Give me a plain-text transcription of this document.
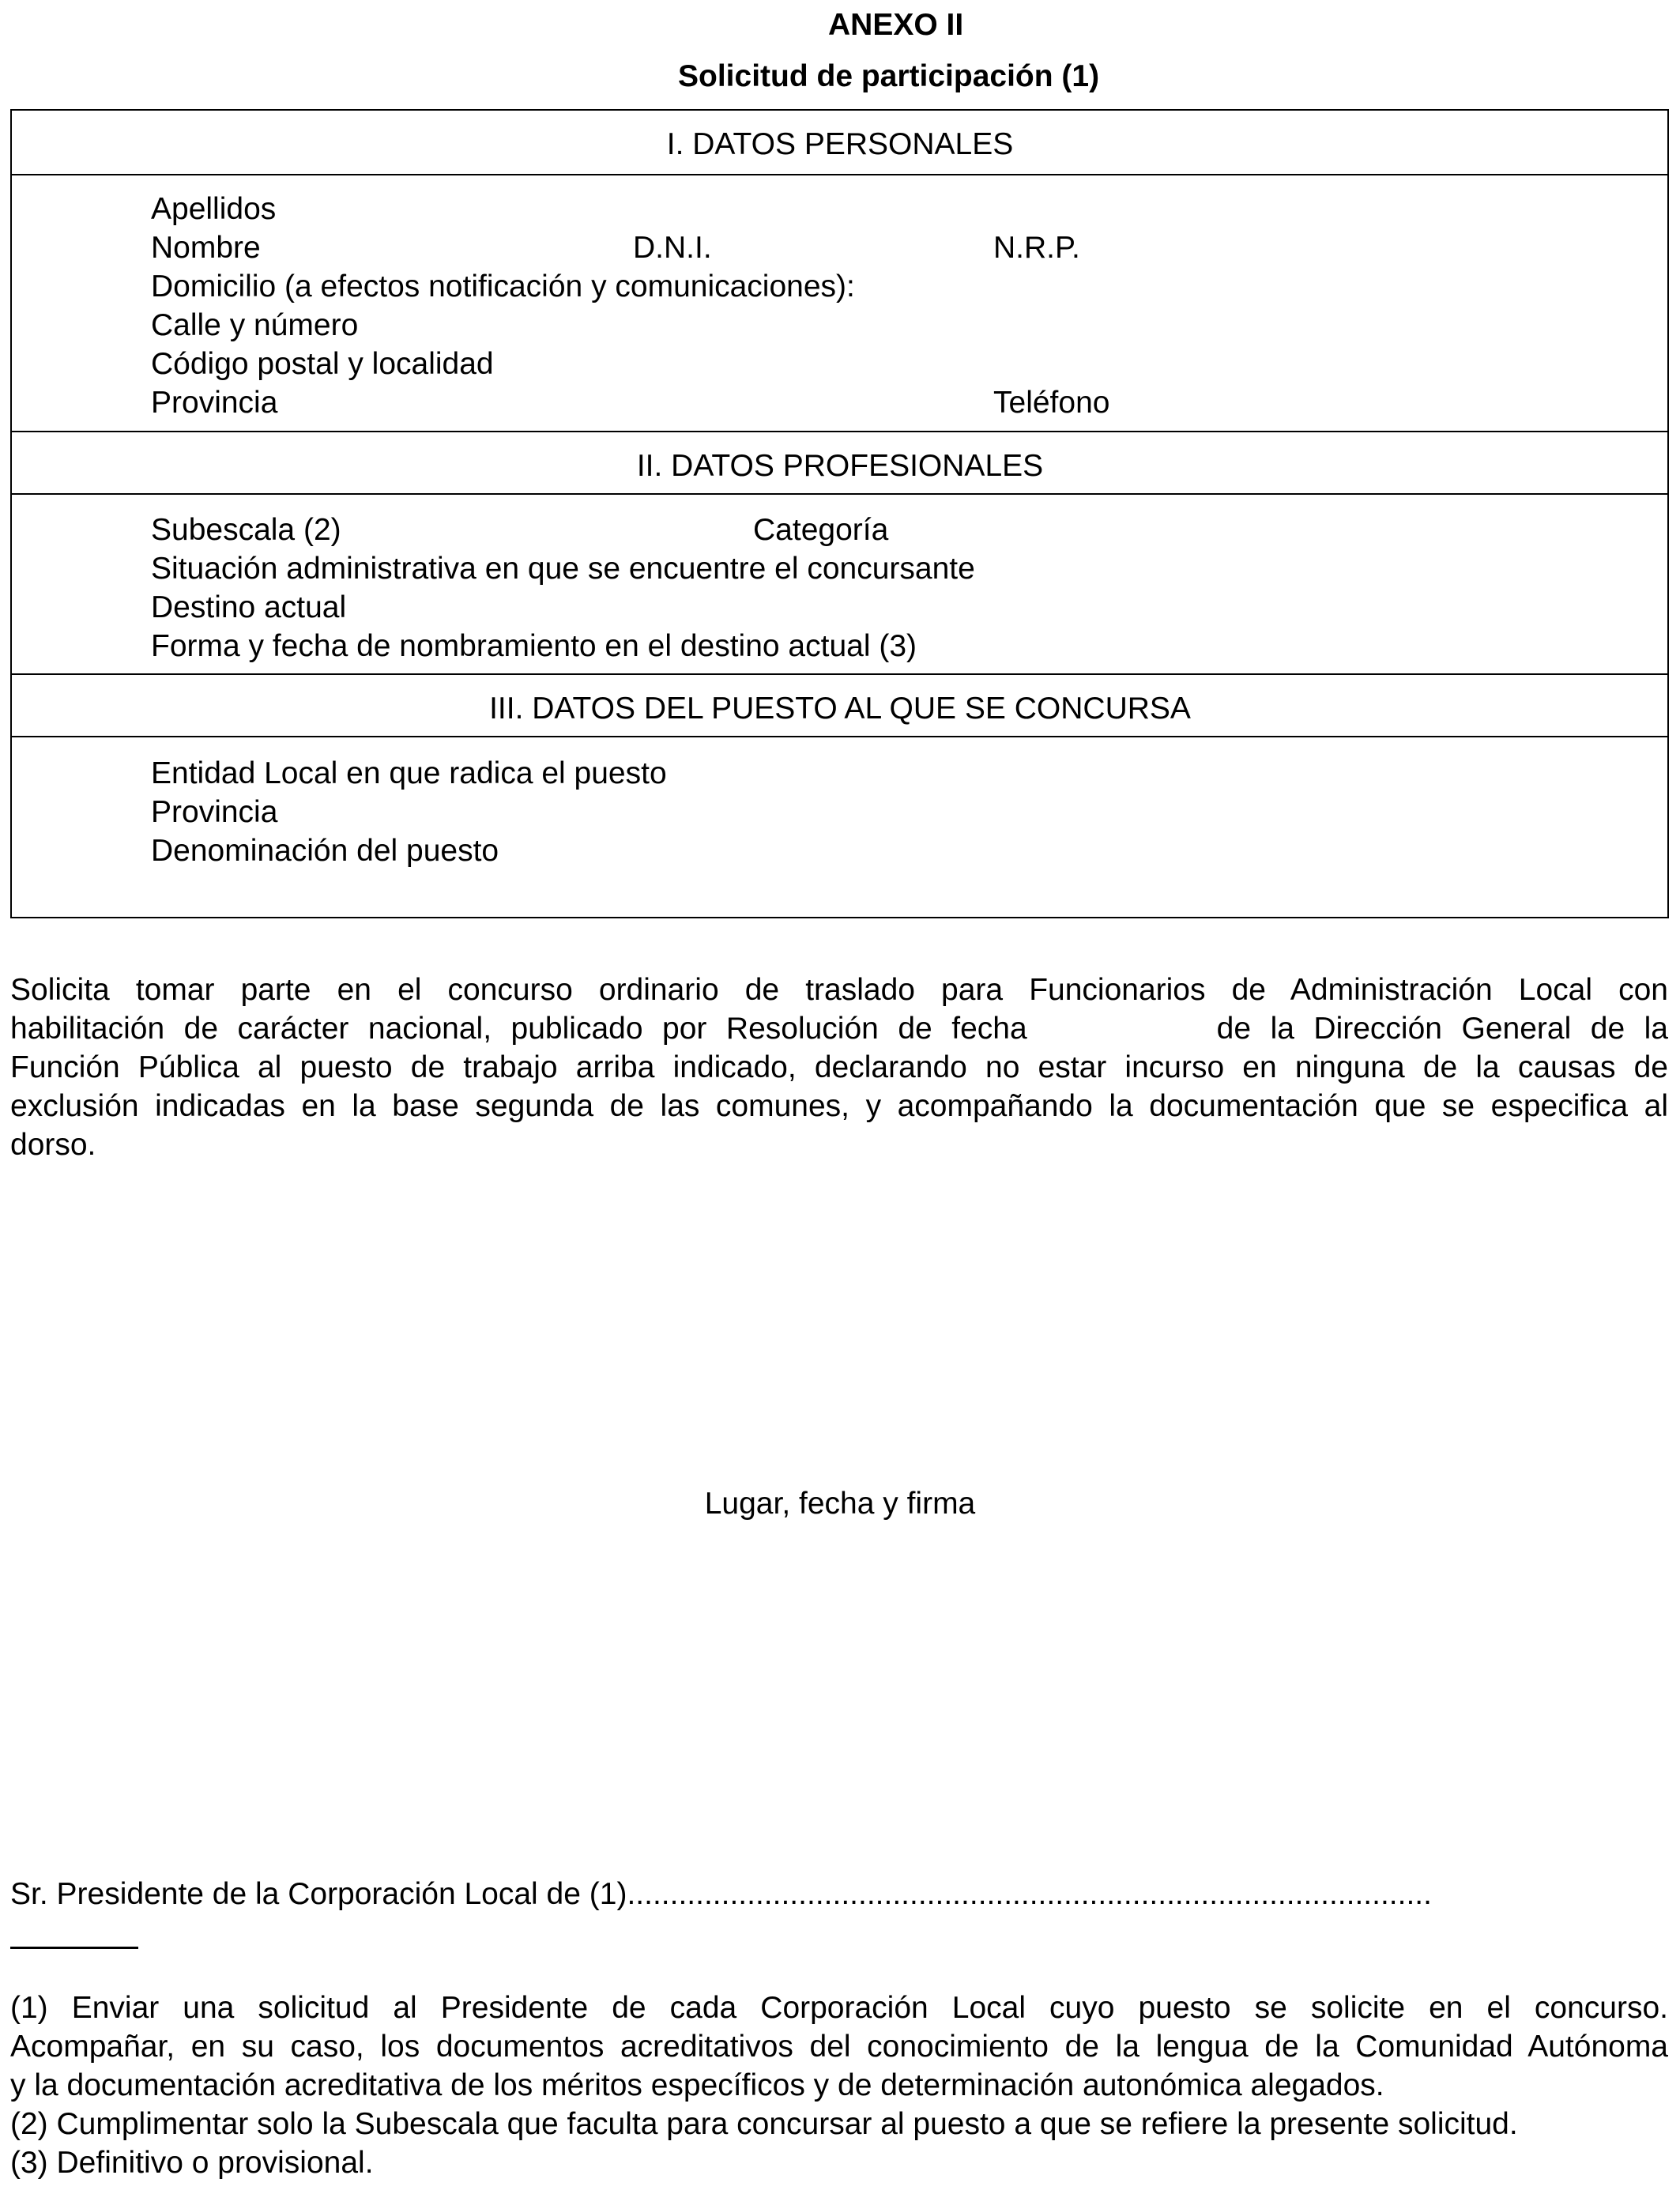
ANEXO II
Solicitud de participación (1)
I. DATOS PERSONALES
Apellidos
Nombre	D.N.I.	N.R.P.
Domicilio (a efectos notificación y comunicaciones):
Calle y número
Código postal y localidad
Provincia	Teléfono
II. DATOS PROFESIONALES
Subescala (2)	Categoría
Situación administrativa en que se encuentre el concursante
Destino actual
Forma y fecha de nombramiento en el destino actual (3)
III. DATOS DEL PUESTO AL QUE SE CONCURSA
Entidad Local en que radica el puesto
Provincia
Denominación del puesto
Solicita tomar parte en el concurso ordinario de traslado para Funcionarios de Administración Local con
habilitación de carácter nacional, publicado por Resolución de fecha	de la Dirección General de la
Función Pública al puesto de trabajo arriba indicado, declarando no estar incurso en ninguna de la causas de
exclusión indicadas en la base segunda de las comunes, y acompañando la documentación que se especifica al
dorso.
Lugar, fecha y firma
Sr. Presidente de la Corporación Local de (1)..............................................................................................
(1) Enviar una solicitud al Presidente de cada Corporación Local cuyo puesto se solicite en el concurso.
Acompañar, en su caso, los documentos acreditativos del conocimiento de la lengua de la Comunidad Autónoma
y la documentación acreditativa de los méritos específicos y de determinación autonómica alegados.
(2) Cumplimentar solo la Subescala que faculta para concursar al puesto a que se refiere la presente solicitud.
(3) Definitivo o provisional.
